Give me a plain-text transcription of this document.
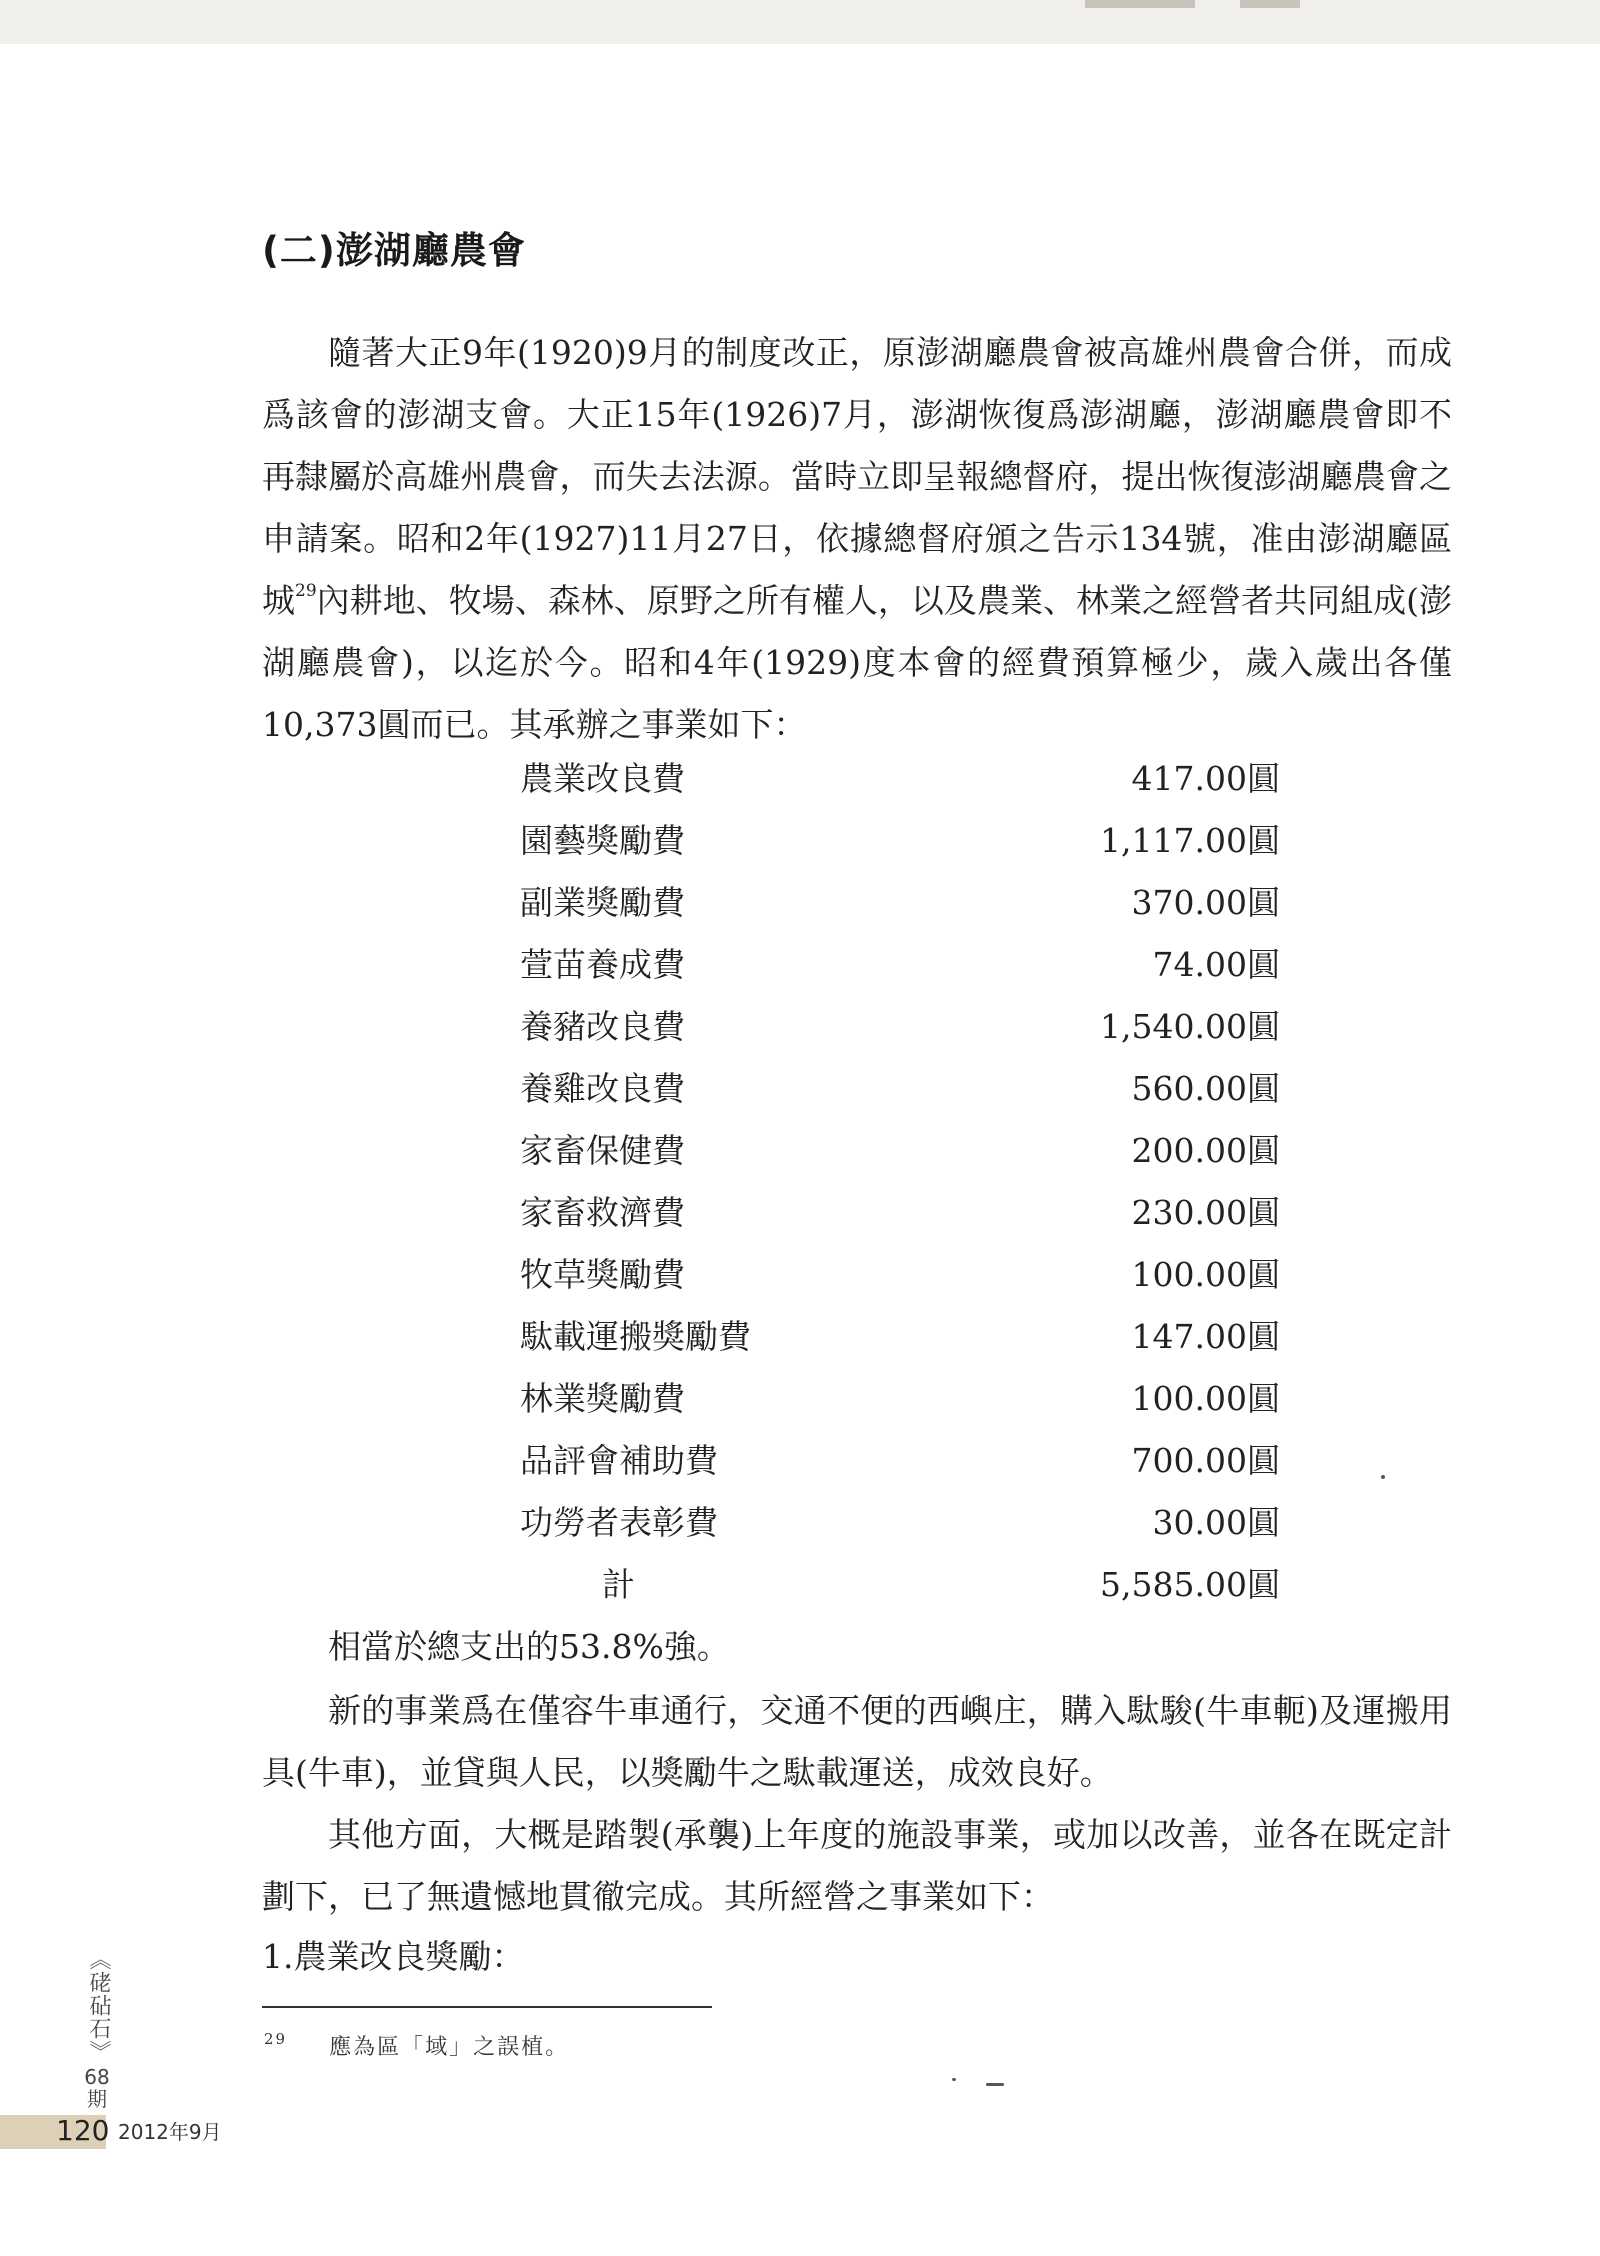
(二)澎湖廳農會

隨著大正9年(1920)9月的制度改正，原澎湖廳農會被高雄州農會合併，而成爲該會的澎湖支會。大正15年(1926)7月，澎湖恢復爲澎湖廳，澎湖廳農會即不再隸屬於高雄州農會，而失去法源。當時立即呈報總督府，提出恢復澎湖廳農會之申請案。昭和2年(1927)11月27日，依據總督府頒之告示134號，准由澎湖廳區城$^{29}$內耕地、牧場、森林、原野之所有權人，以及農業、林業之經營者共同組成(澎湖廳農會)，以迄於今。昭和4年(1929)度本會的經費預算極少，歲入歲出各僅10,373圓而已。其承辦之事業如下：

農業改良費	417.00圓
園藝獎勵費	1,117.00圓
副業獎勵費	370.00圓
萱苗養成費	74.00圓
養豬改良費	1,540.00圓
養雞改良費	560.00圓
家畜保健費	200.00圓
家畜救濟費	230.00圓
牧草獎勵費	100.00圓
駄載運搬獎勵費	147.00圓
林業獎勵費	100.00圓
品評會補助費	700.00圓
功勞者表彰費	30.00圓
計	5,585.00圓

相當於總支出的53.8%強。

新的事業爲在僅容牛車通行，交通不便的西嶼庄，購入駄駿(牛車軛)及運搬用具(牛車)，並貸與人民，以獎勵牛之駄載運送，成效良好。

其他方面，大概是踏製(承襲)上年度的施設事業，或加以改善，並各在既定計劃下，已了無遺憾地貫徹完成。其所經營之事業如下：

1.農業改良獎勵：

$^{29}$ 應為區「域」之誤植。
《硓砧石》
68
期
120 2012年9月
